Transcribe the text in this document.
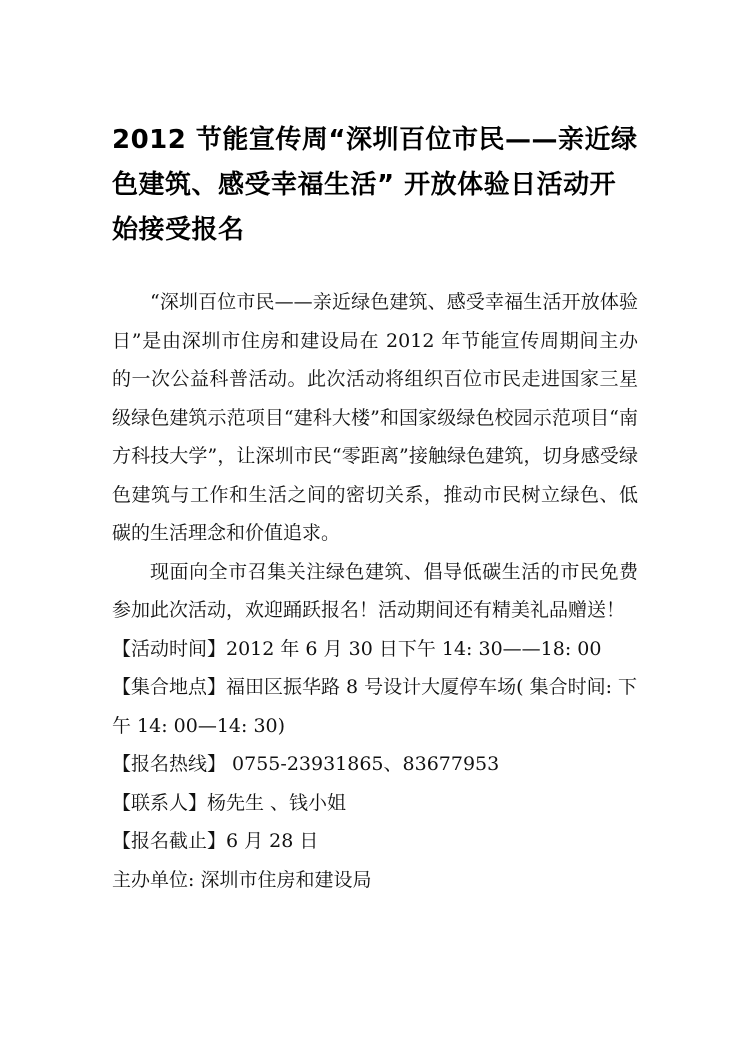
2012 节能宣传周“深圳百位市民——亲近绿色建筑、感受幸福生活” 开放体验日活动开始接受报名

“深圳百位市民——亲近绿色建筑、感受幸福生活开放体验日”是由深圳市住房和建设局在 2012 年节能宣传周期间主办的一次公益科普活动。此次活动将组织百位市民走进国家三星级绿色建筑示范项目“建科大楼”和国家级绿色校园示范项目“南方科技大学”，让深圳市民“零距离”接触绿色建筑，切身感受绿色建筑与工作和生活之间的密切关系，推动市民树立绿色、低碳的生活理念和价值追求。

现面向全市召集关注绿色建筑、倡导低碳生活的市民免费参加此次活动，欢迎踊跃报名！活动期间还有精美礼品赠送！

【活动时间】2012 年 6 月 30 日下午 14: 30——18: 00

【集合地点】福田区振华路 8 号设计大厦停车场( 集合时间: 下午 14: 00—14: 30)

【报名热线】 0755-23931865、83677953

【联系人】杨先生 、钱小姐

【报名截止】6 月 28 日

主办单位: 深圳市住房和建设局
